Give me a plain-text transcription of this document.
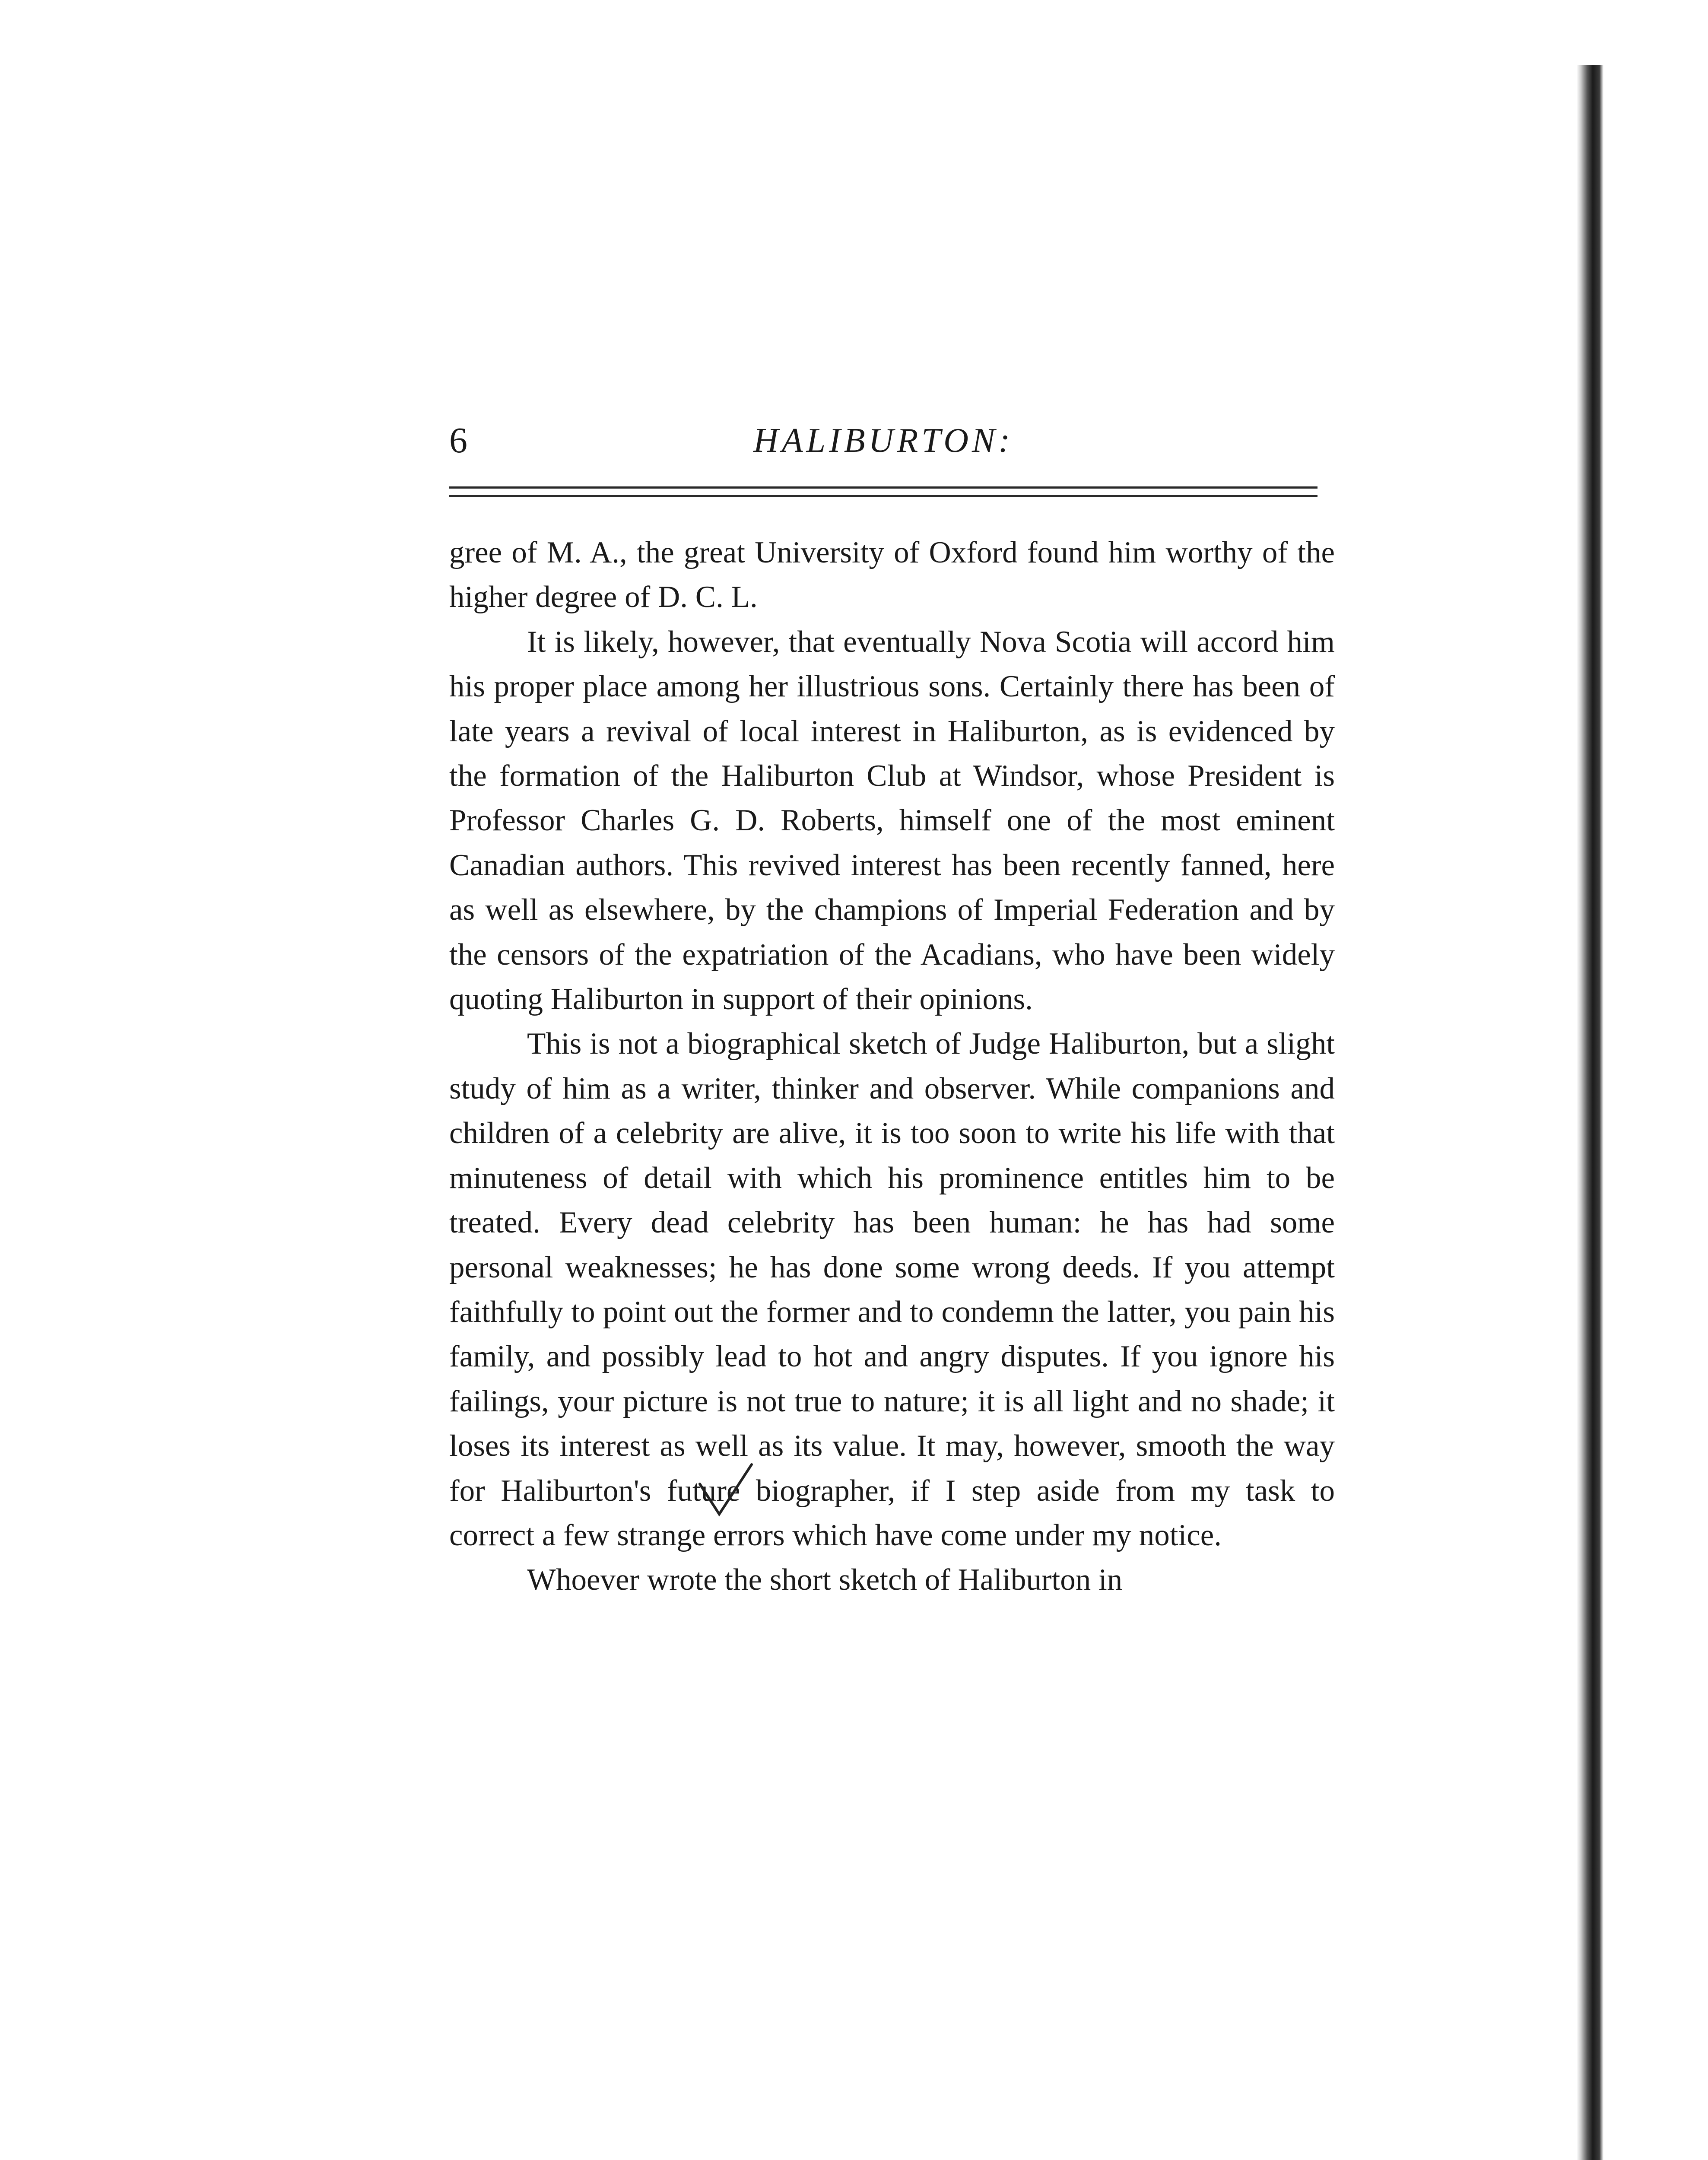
6	HALIBURTON:

gree of M. A., the great University of Oxford found him worthy of the higher degree of D. C. L.

It is likely, however, that eventually Nova Scotia will accord him his proper place among her illustrious sons. Certainly there has been of late years a revival of local interest in Haliburton, as is evidenced by the formation of the Haliburton Club at Windsor, whose President is Professor Charles G. D. Roberts, himself one of the most eminent Canadian authors. This revived interest has been recently fanned, here as well as elsewhere, by the champions of Imperial Federation and by the censors of the expatriation of the Acadians, who have been widely quoting Haliburton in support of their opinions.

This is not a biographical sketch of Judge Haliburton, but a slight study of him as a writer, thinker and observer. While companions and children of a celebrity are alive, it is too soon to write his life with that minuteness of detail with which his prominence entitles him to be treated. Every dead celebrity has been human: he has had some personal weaknesses; he has done some wrong deeds. If you attempt faithfully to point out the former and to condemn the latter, you pain his family, and possibly lead to hot and angry disputes. If you ignore his failings, your picture is not true to nature; it is all light and no shade; it loses its interest as well as its value. It may, however, smooth the way for Haliburton's future biographer, if I step aside from my task to correct a few strange errors which have come under my notice.

Whoever wrote the short sketch of Haliburton in
